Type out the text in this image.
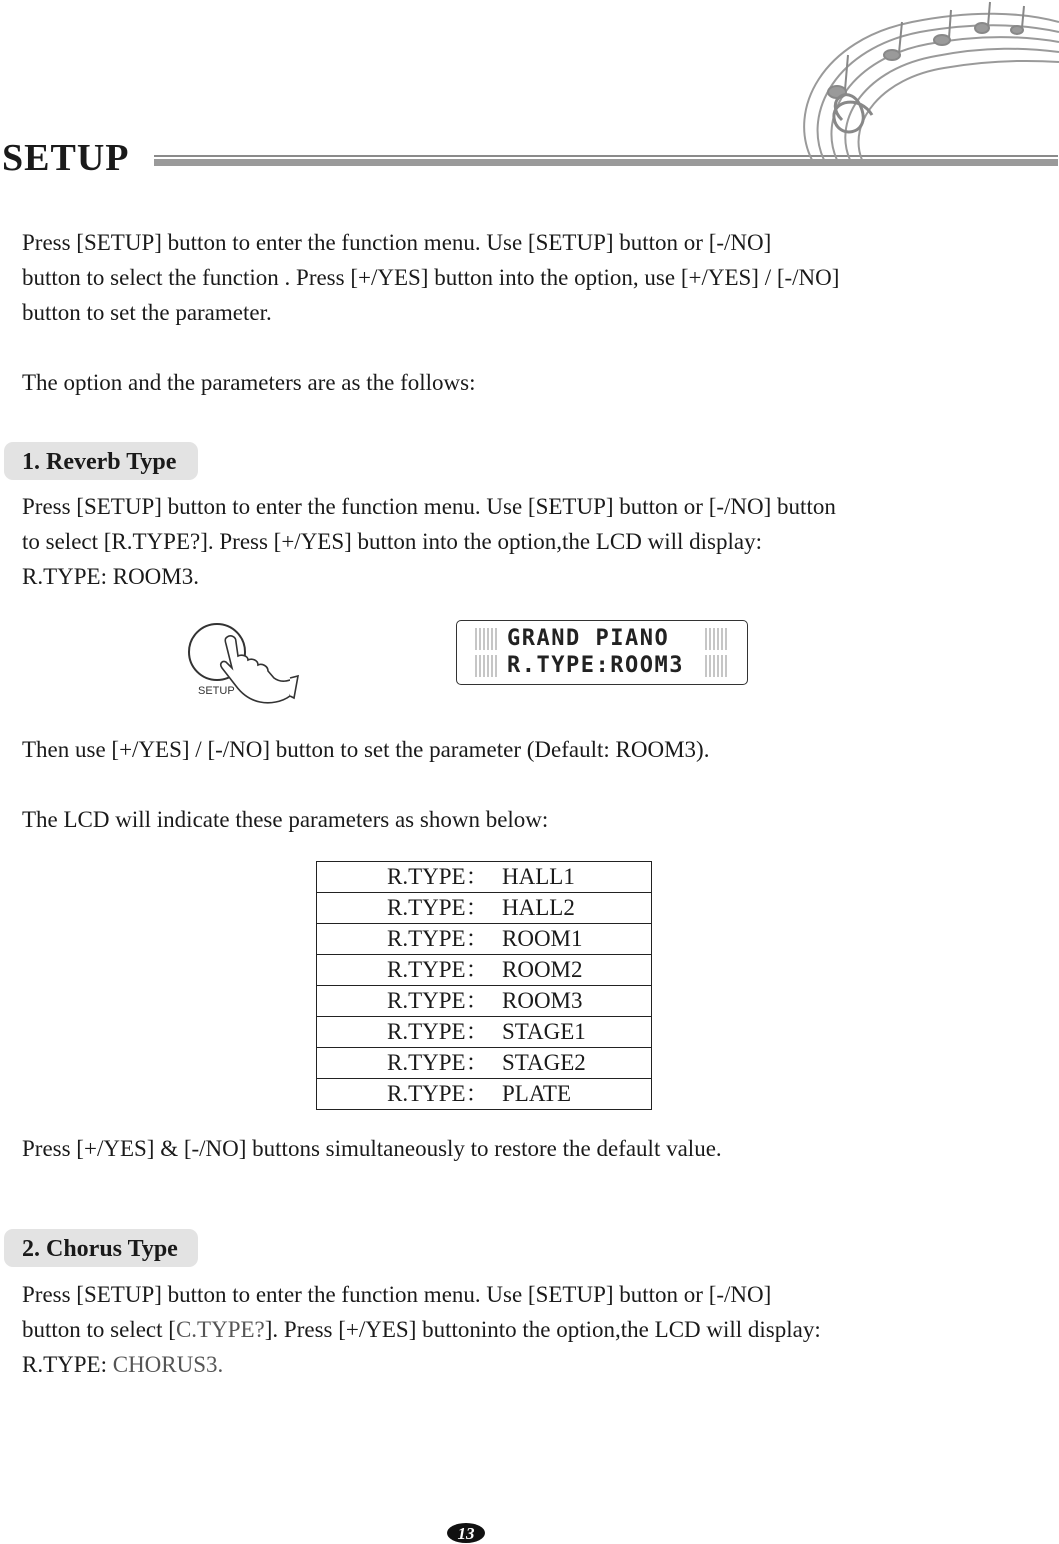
SETUP

Press [SETUP] button to enter the function menu. Use [SETUP] button or [-/NO]

button to select the function . Press [+/YES] button into the option, use [+/YES] / [-/NO]

button to set the parameter.

The option and the parameters are as the follows:
1. Reverb Type

Press [SETUP] button to enter the function menu. Use [SETUP] button or [-/NO] button

to select [R.TYPE?]. Press [+/YES] button into the option,the LCD will display:

R.TYPE: ROOM3.

SETUP
GRAND PIANO
R.TYPE:ROOM3
Then use [+/YES] / [-/NO] button to set the parameter (Default: ROOM3).
The LCD will indicate these parameters as shown below:
R.TYPE： HALL1
R.TYPE： HALL2
R.TYPE： ROOM1
R.TYPE： ROOM2
R.TYPE： ROOM3
R.TYPE： STAGE1
R.TYPE： STAGE2
R.TYPE： PLATE
Press [+/YES] & [-/NO] buttons simultaneously to restore the default value.
2. Chorus Type

Press [SETUP] button to enter the function menu. Use [SETUP] button or [-/NO]

button to select [C.TYPE?]. Press [+/YES] buttoninto the option,the LCD will display:

R.TYPE: CHORUS3.

13
